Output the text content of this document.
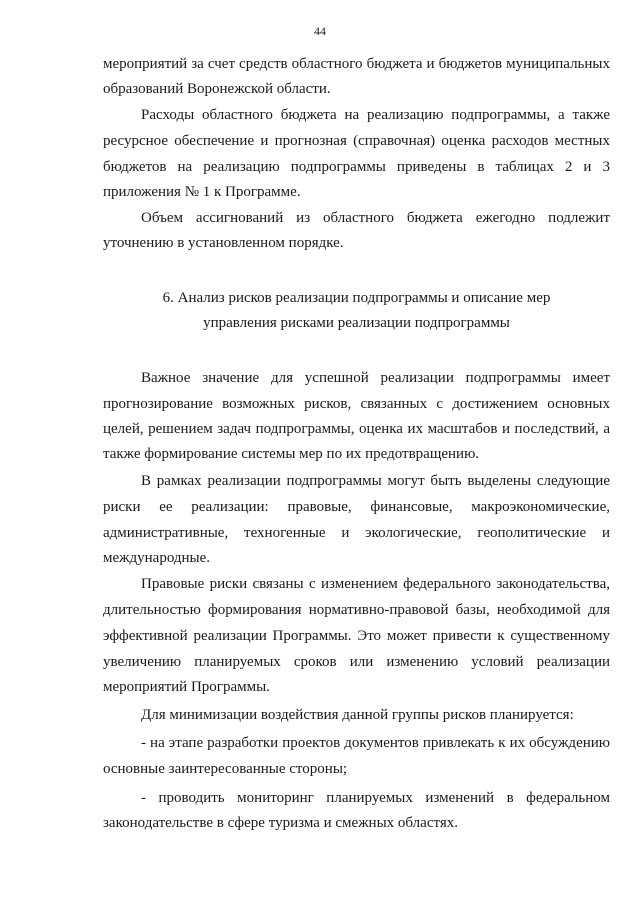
44
мероприятий за счет средств областного бюджета и бюджетов муниципальных
образований Воронежской области.
Расходы областного бюджета на реализацию подпрограммы, а также
ресурсное обеспечение и прогнозная (справочная) оценка расходов местных
бюджетов на реализацию подпрограммы приведены в таблицах 2 и 3
приложения № 1 к Программе.
Объем ассигнований из областного бюджета ежегодно подлежит
уточнению в установленном порядке.
6. Анализ рисков реализации подпрограммы и описание мер
управления рисками реализации подпрограммы
Важное значение для успешной реализации подпрограммы имеет
прогнозирование возможных рисков, связанных с достижением основных
целей, решением задач подпрограммы, оценка их масштабов и последствий, а
также формирование системы мер по их предотвращению.
В рамках реализации подпрограммы могут быть выделены следующие
риски ее реализации: правовые, финансовые, макроэкономические,
административные, техногенные и экологические, геополитические и
международные.
Правовые риски связаны с изменением федерального законодательства,
длительностью формирования нормативно-правовой базы, необходимой для
эффективной реализации Программы. Это может привести к существенному
увеличению планируемых сроков или изменению условий реализации
мероприятий Программы.
Для минимизации воздействия данной группы рисков планируется:
- на этапе разработки проектов документов привлекать к их обсуждению
основные заинтересованные стороны;
- проводить мониторинг планируемых изменений в федеральном
законодательстве в сфере туризма и смежных областях.
